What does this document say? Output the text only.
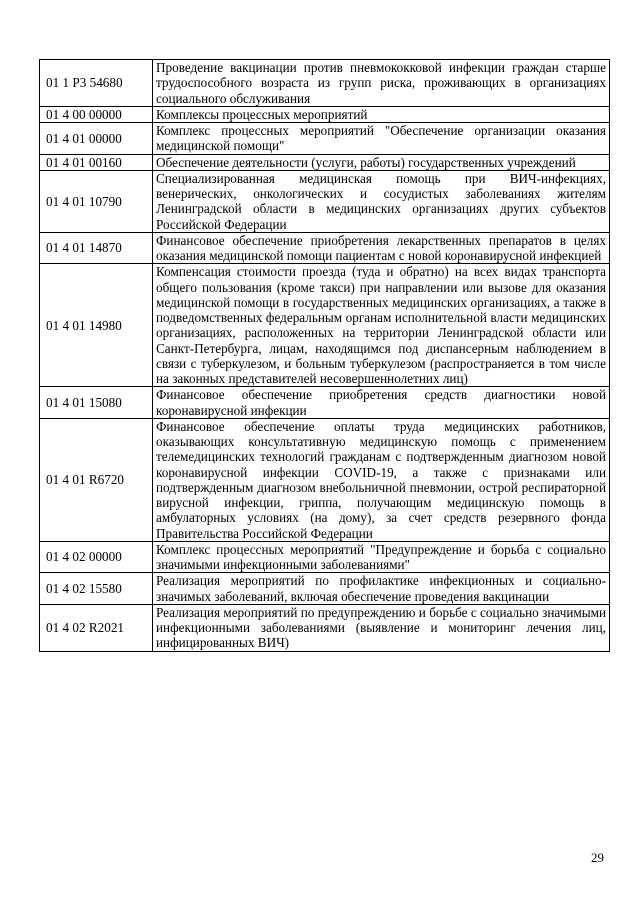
01 1 P3 54680	Проведение вакцинации против пневмококковой инфекции граждан старше трудоспособного возраста из групп риска, проживающих в организациях социального обслуживания
01 4 00 00000	Комплексы процессных мероприятий
01 4 01 00000	Комплекс процессных мероприятий "Обеспечение организации оказания медицинской помощи"
01 4 01 00160	Обеспечение деятельности (услуги, работы) государственных учреждений
01 4 01 10790	Специализированная медицинская помощь при ВИЧ-инфекциях, венерических, онкологических и сосудистых заболеваниях жителям Ленинградской области в медицинских организациях других субъектов Российской Федерации
01 4 01 14870	Финансовое обеспечение приобретения лекарственных препаратов в целях оказания медицинской помощи пациентам с новой коронавирусной инфекцией
01 4 01 14980	Компенсация стоимости проезда (туда и обратно) на всех видах транспорта общего пользования (кроме такси) при направлении или вызове для оказания медицинской помощи в государственных медицинских организациях, а также в подведомственных федеральным органам исполнительной власти медицинских организациях, расположенных на территории Ленинградской области или Санкт-Петербурга, лицам, находящимся под диспансерным наблюдением в связи с туберкулезом, и больным туберкулезом (распространяется в том числе на законных представителей несовершеннолетних лиц)
01 4 01 15080	Финансовое обеспечение приобретения средств диагностики новой коронавирусной инфекции
01 4 01 R6720	Финансовое обеспечение оплаты труда медицинских работников, оказывающих консультативную медицинскую помощь с применением телемедицинских технологий гражданам с подтвержденным диагнозом новой коронавирусной инфекции COVID-19, а также с признаками или подтвержденным диагнозом внебольничной пневмонии, острой респираторной вирусной инфекции, гриппа, получающим медицинскую помощь в амбулаторных условиях (на дому), за счет средств резервного фонда Правительства Российской Федерации
01 4 02 00000	Комплекс процессных мероприятий "Предупреждение и борьба с социально значимыми инфекционными заболеваниями"
01 4 02 15580	Реализация мероприятий по профилактике инфекционных и социально-значимых заболеваний, включая обеспечение проведения вакцинации
01 4 02 R2021	Реализация мероприятий по предупреждению и борьбе с социально значимыми инфекционными заболеваниями (выявление и мониторинг лечения лиц, инфицированных ВИЧ)
29
